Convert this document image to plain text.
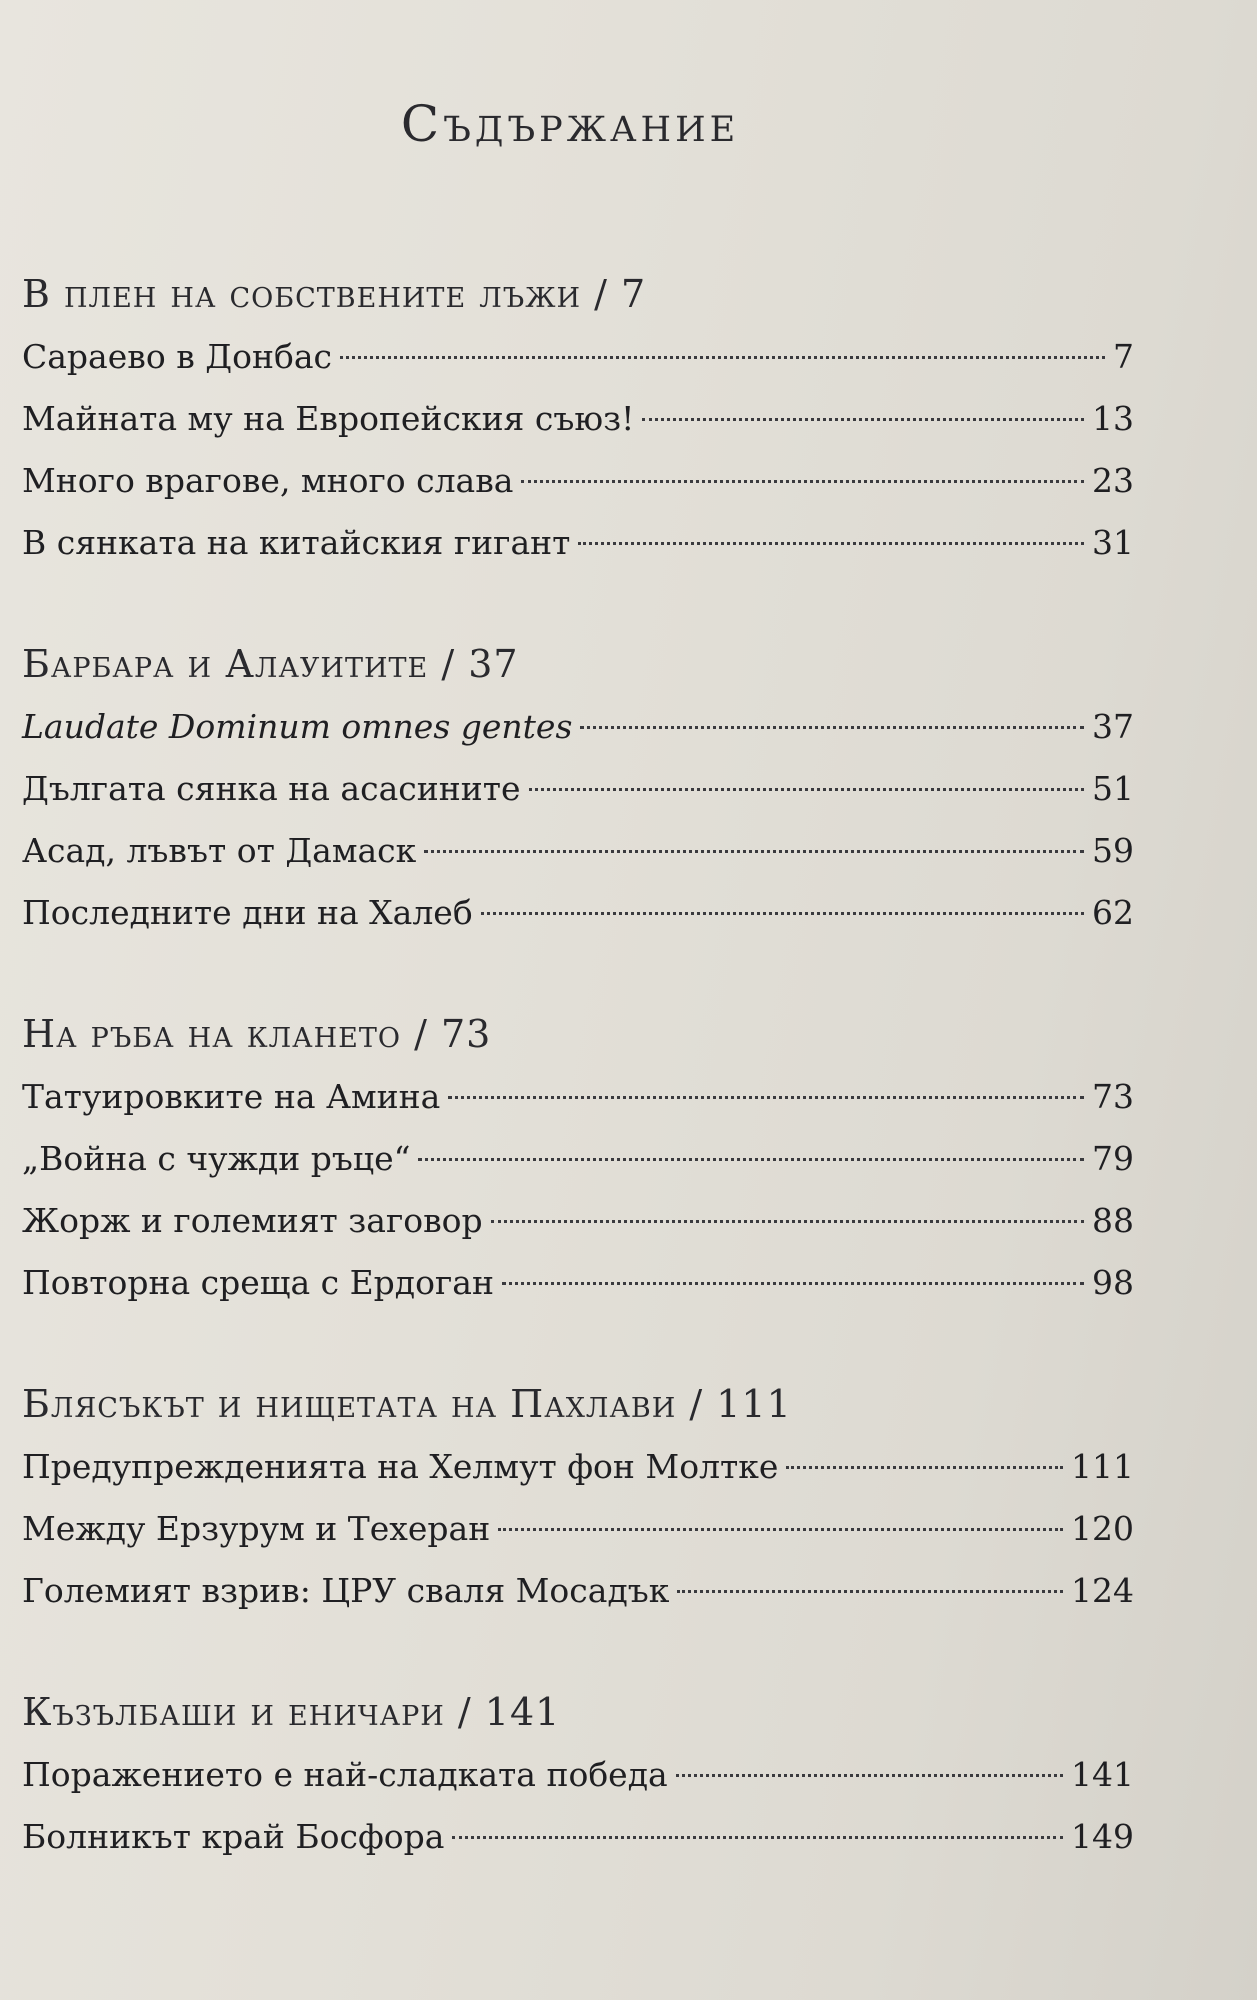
Съдържание
В плен на собствените лъжи / 7
Сараево в Донбас	7
Майната му на Европейския съюз!	13
Много врагове, много слава	23
В сянката на китайския гигант	31
Барбара и Алауитите / 37
Laudate Dominum omnes gentes	37
Дългата сянка на асасините	51
Асад, лъвът от Дамаск	59
Последните дни на Халеб	62
На ръба на клането / 73
Татуировките на Амина	73
„Война с чужди ръце“	79
Жорж и големият заговор	88
Повторна среща с Ердоган	98
Блясъкът и нищетата на Пахлави / 111
Предупрежденията на Хелмут фон Молтке	111
Между Ерзурум и Техеран	120
Големият взрив: ЦРУ сваля Мосадък	124
Къзълбаши и еничари / 141
Поражението е най-сладката победа	141
Болникът край Босфора	149
